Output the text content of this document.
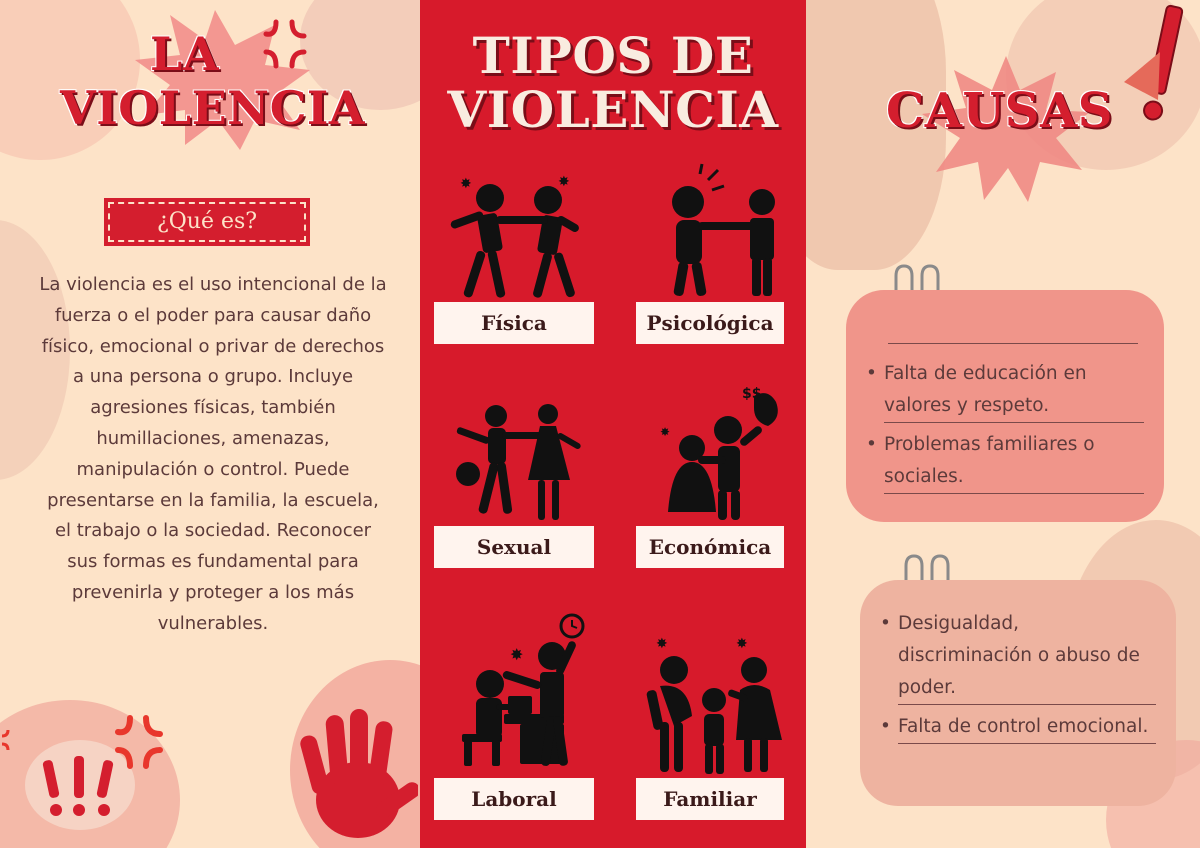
LA
VIOLENCIA
¿Qué es?
La violencia es el uso intencional de la fuerza o el poder para causar daño físico, emocional o privar de derechos a una persona o grupo. Incluye agresiones físicas, también humillaciones, amenazas, manipulación o control. Puede presentarse en la familia, la escuela, el trabajo o la sociedad. Reconocer sus formas es fundamental para prevenirla y proteger a los más vulnerables.
TIPOS DE
VIOLENCIA
✸	✸
$$
✸
✸
✸	✸
Física	Psicológica
Sexual	Económica
Laboral	Familiar
CAUSAS
• Falta de educación en valores y respeto.
• Problemas familiares o sociales.
• Desigualdad, discriminación o abuso de poder.
• Falta de control emocional.
